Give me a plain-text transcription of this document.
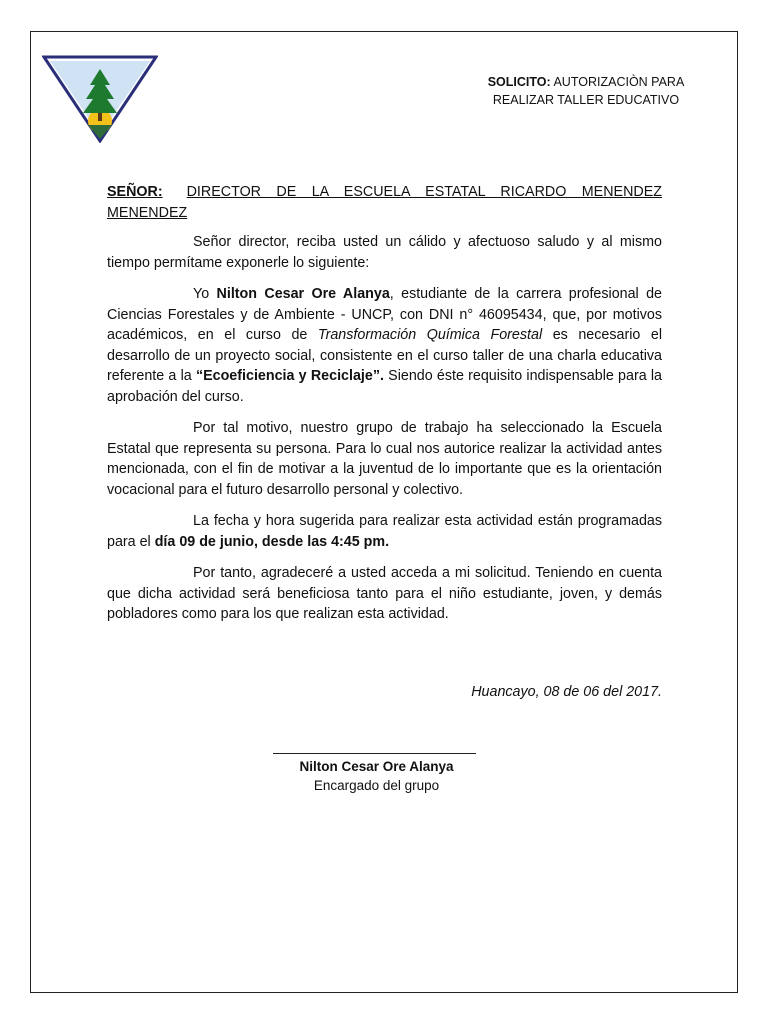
SOLICITO: AUTORIZACIÒN PARA
REALIZAR TALLER EDUCATIVO

SEÑOR: DIRECTOR DE LA ESCUELA ESTATAL RICARDO MENENDEZ MENENDEZ

Señor director, reciba usted un cálido y afectuoso saludo y al mismo tiempo permítame exponerle lo siguiente:

Yo Nilton Cesar Ore Alanya, estudiante de la carrera profesional de Ciencias Forestales y de Ambiente - UNCP, con DNI n° 46095434, que, por motivos académicos, en el curso de Transformación Química Forestal es necesario el desarrollo de un proyecto social, consistente en el curso taller de una charla educativa referente a la “Ecoeficiencia y Reciclaje”. Siendo éste requisito indispensable para la aprobación del curso.

Por tal motivo, nuestro grupo de trabajo ha seleccionado la Escuela Estatal que representa su persona. Para lo cual nos autorice realizar la actividad antes mencionada, con el fin de motivar a la juventud de lo importante que es la orientación vocacional para el futuro desarrollo personal y colectivo.

La fecha y hora sugerida para realizar esta actividad están programadas para el día 09 de junio, desde las 4:45 pm.

Por tanto, agradeceré a usted acceda a mi solicitud. Teniendo en cuenta que dicha actividad será beneficiosa tanto para el niño estudiante, joven, y demás pobladores como para los que realizan esta actividad.

Huancayo, 08 de 06 del 2017.
Nilton Cesar Ore Alanya
Encargado del grupo
